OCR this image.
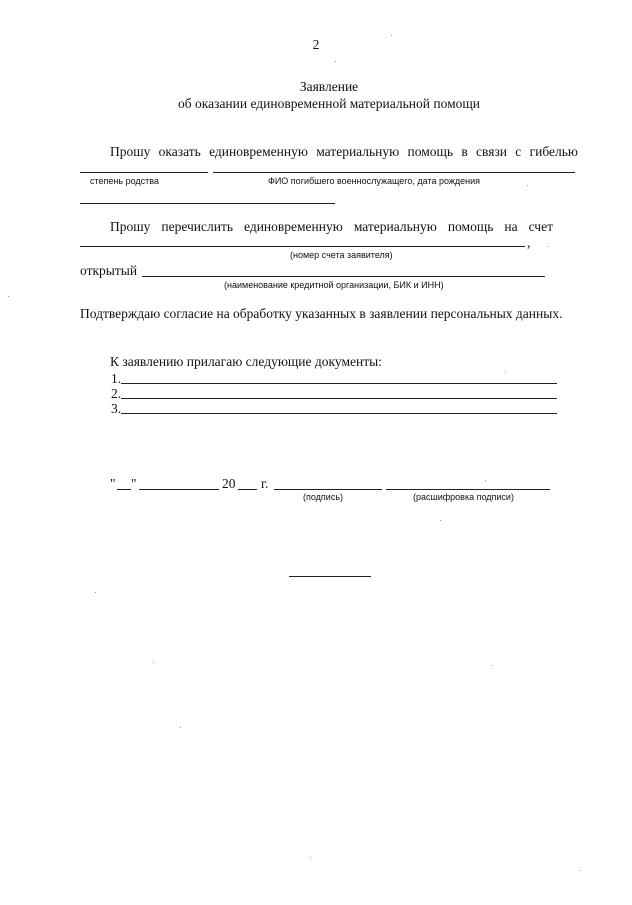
2
Заявление
об оказании единовременной материальной помощи
Прошу оказать единовременную материальную помощь в связи с гибелью
степень родства	ФИО погибшего военнослужащего, дата рождения
Прошу перечислить единовременную материальную помощь на счет
,
(номер счета заявителя)
открытый
(наименование кредитной организации, БИК и ИНН)
Подтверждаю согласие на обработку указанных в заявлении персональных данных.
К заявлению прилагаю следующие документы:
1.
2.
3.
" "	20 г.
(подпись)	(расшифровка подписи)
